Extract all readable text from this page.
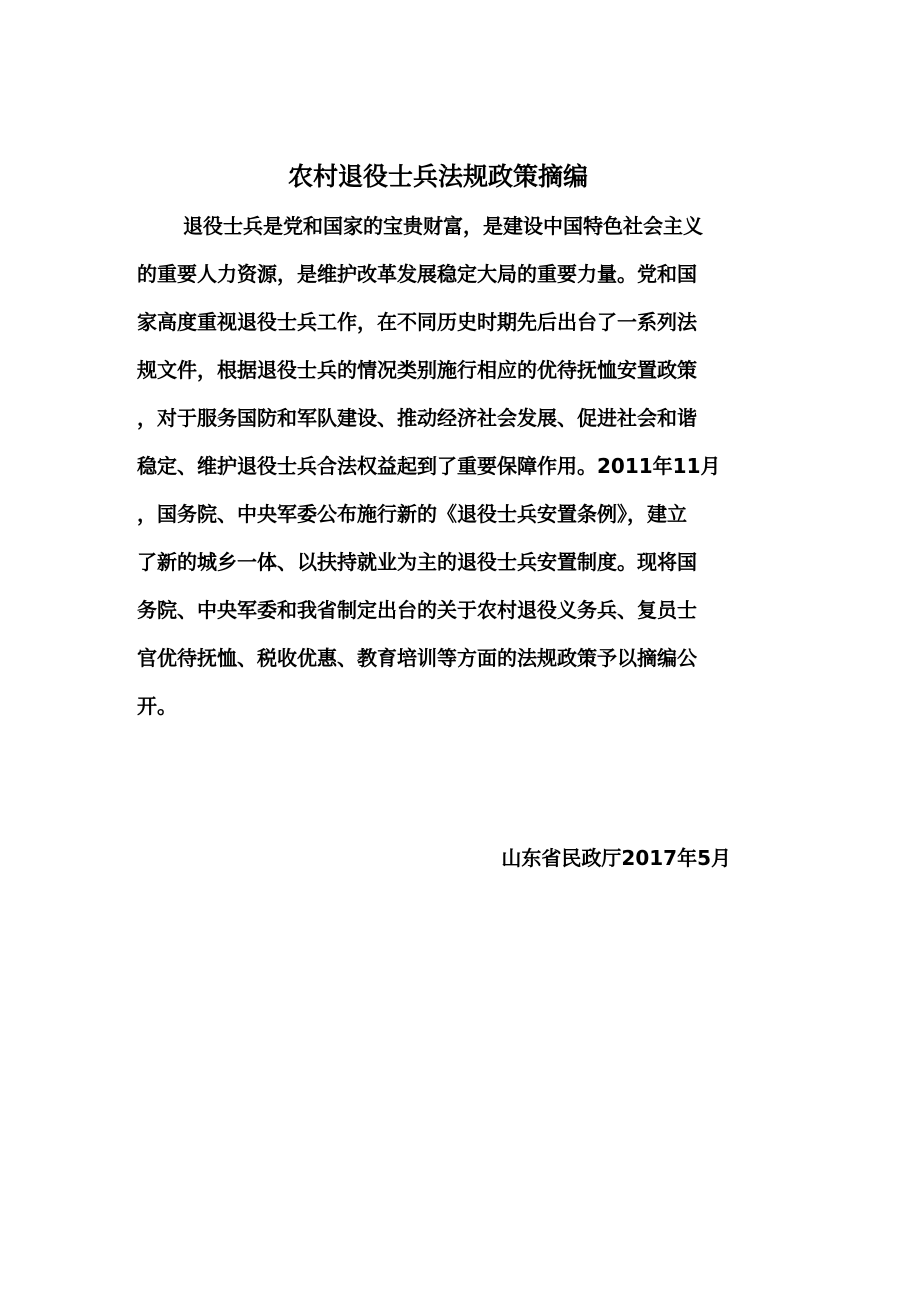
农村退役士兵法规政策摘编
退役士兵是党和国家的宝贵财富，是建设中国特色社会主义
的重要人力资源，是维护改革发展稳定大局的重要力量。党和国
家高度重视退役士兵工作，在不同历史时期先后出台了一系列法
规文件，根据退役士兵的情况类别施行相应的优待抚恤安置政策
，对于服务国防和军队建设、推动经济社会发展、促进社会和谐
稳定、维护退役士兵合法权益起到了重要保障作用。2011年11月
，国务院、中央军委公布施行新的《退役士兵安置条例》，建立
了新的城乡一体、以扶持就业为主的退役士兵安置制度。现将国
务院、中央军委和我省制定出台的关于农村退役义务兵、复员士
官优待抚恤、税收优惠、教育培训等方面的法规政策予以摘编公
开。
山东省民政厅2017年5月
